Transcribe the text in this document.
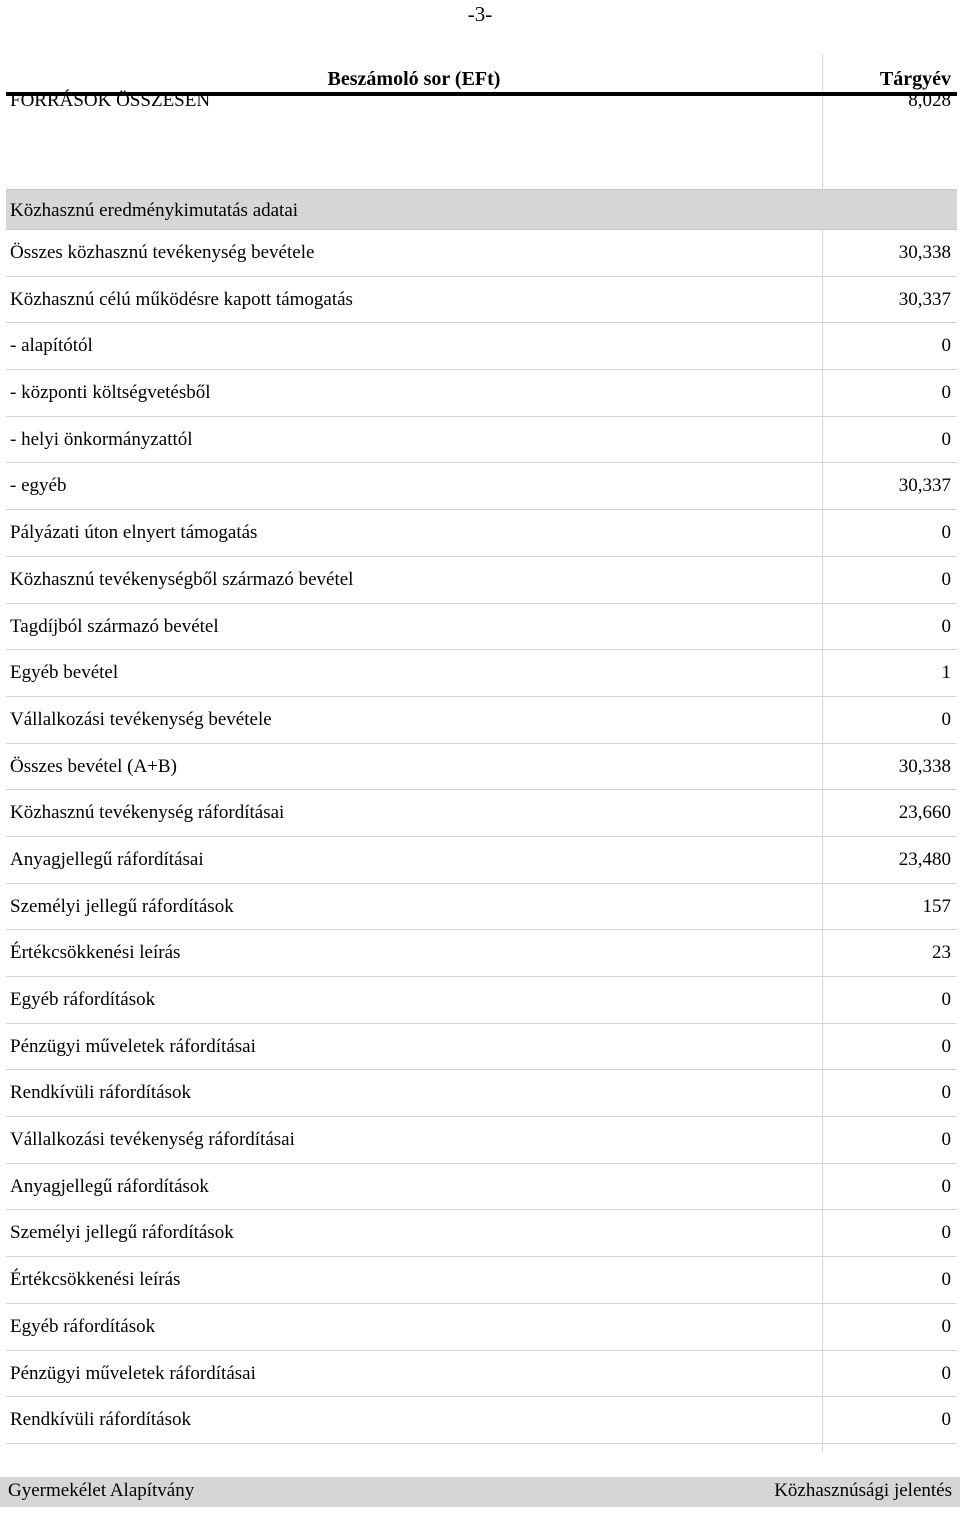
-3-
Beszámoló sor (EFt)	Tárgyév
FORRÁSOK ÖSSZESEN	8,028
Közhasznú eredménykimutatás adatai
Összes közhasznú tevékenység bevétele	30,338
Közhasznú célú működésre kapott támogatás	30,337
- alapítótól	0
- központi költségvetésből	0
- helyi önkormányzattól	0
- egyéb	30,337
Pályázati úton elnyert támogatás	0
Közhasznú tevékenységből származó bevétel	0
Tagdíjból származó bevétel	0
Egyéb bevétel	1
Vállalkozási tevékenység bevétele	0
Összes bevétel (A+B)	30,338
Közhasznú tevékenység ráfordításai	23,660
Anyagjellegű ráfordításai	23,480
Személyi jellegű ráfordítások	157
Értékcsökkenési leírás	23
Egyéb ráfordítások	0
Pénzügyi műveletek ráfordításai	0
Rendkívüli ráfordítások	0
Vállalkozási tevékenység ráfordításai	0
Anyagjellegű ráfordítások	0
Személyi jellegű ráfordítások	0
Értékcsökkenési leírás	0
Egyéb ráfordítások	0
Pénzügyi műveletek ráfordításai	0
Rendkívüli ráfordítások	0
Gyermekélet Alapítvány	Közhasznúsági jelentés
